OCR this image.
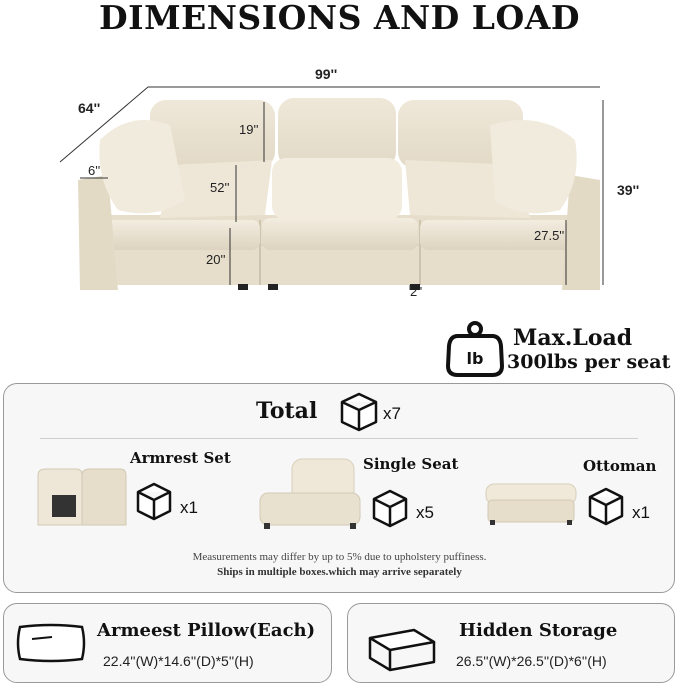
DIMENSIONS AND LOAD
99''
64''
6''
19''
52''
20''
39''
27.5''
2''
lb
Max.Load
300lbs per seat
Total	x7
Armrest Set
x1
Single Seat
x5
Ottoman
x1
Measurements may differ by up to 5% due to upholstery puffiness.
Ships in multiple boxes.which may arrive separately
Armeest Pillow(Each)
22.4''(W)*14.6''(D)*5''(H)
Hidden Storage
26.5''(W)*26.5''(D)*6''(H)
